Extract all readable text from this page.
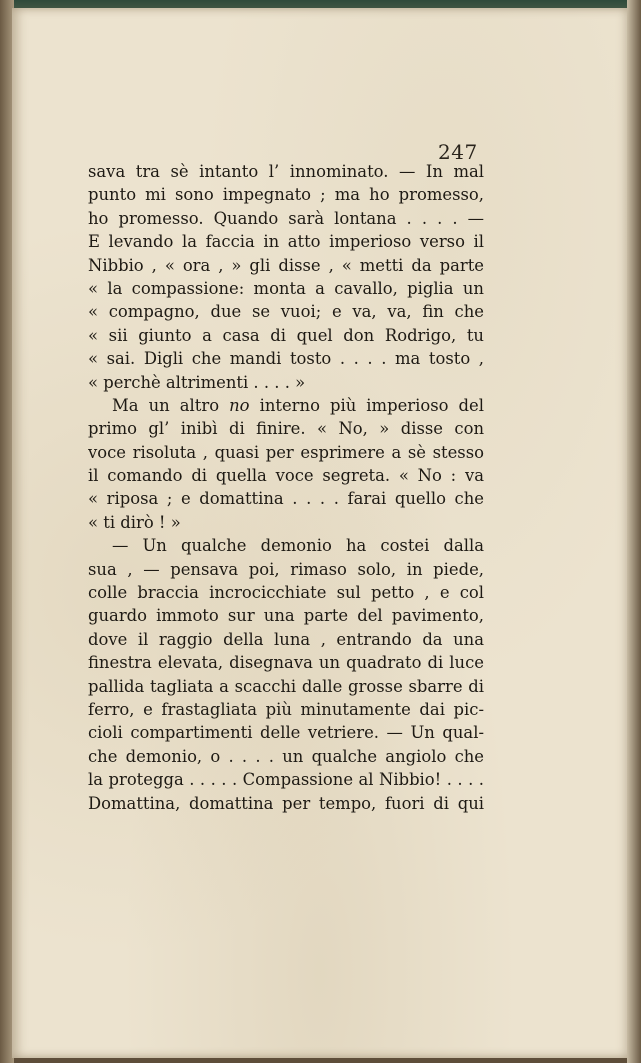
247
sava tra sè intanto l’ innominato. — In mal
punto mi sono impegnato ; ma ho promesso,
ho promesso. Quando sarà lontana . . . . —
E levando la faccia in atto imperioso verso il
Nibbio , « ora , » gli disse , « metti da parte
« la compassione: monta a cavallo, piglia un
« compagno, due se vuoi; e va, va, fin che
« sii giunto a casa di quel don Rodrigo, tu
« sai. Digli che mandi tosto . . . . ma tosto ,
« perchè altrimenti . . . . »
Ma un altro no interno più imperioso del
primo gl’ inibì di finire. « No, » disse con
voce risoluta , quasi per esprimere a sè stesso
il comando di quella voce segreta. « No : va
« riposa ; e domattina . . . . farai quello che
« ti dirò ! »
— Un qualche demonio ha costei dalla
sua , — pensava poi, rimaso solo, in piede,
colle braccia incrocicchiate sul petto , e col
guardo immoto sur una parte del pavimento,
dove il raggio della luna , entrando da una
finestra elevata, disegnava un quadrato di luce
pallida tagliata a scacchi dalle grosse sbarre di
ferro, e frastagliata più minutamente dai pic-
cioli compartimenti delle vetriere. — Un qual-
che demonio, o . . . . un qualche angiolo che
la protegga . . . . . Compassione al Nibbio! . . . .
Domattina, domattina per tempo, fuori di qui
